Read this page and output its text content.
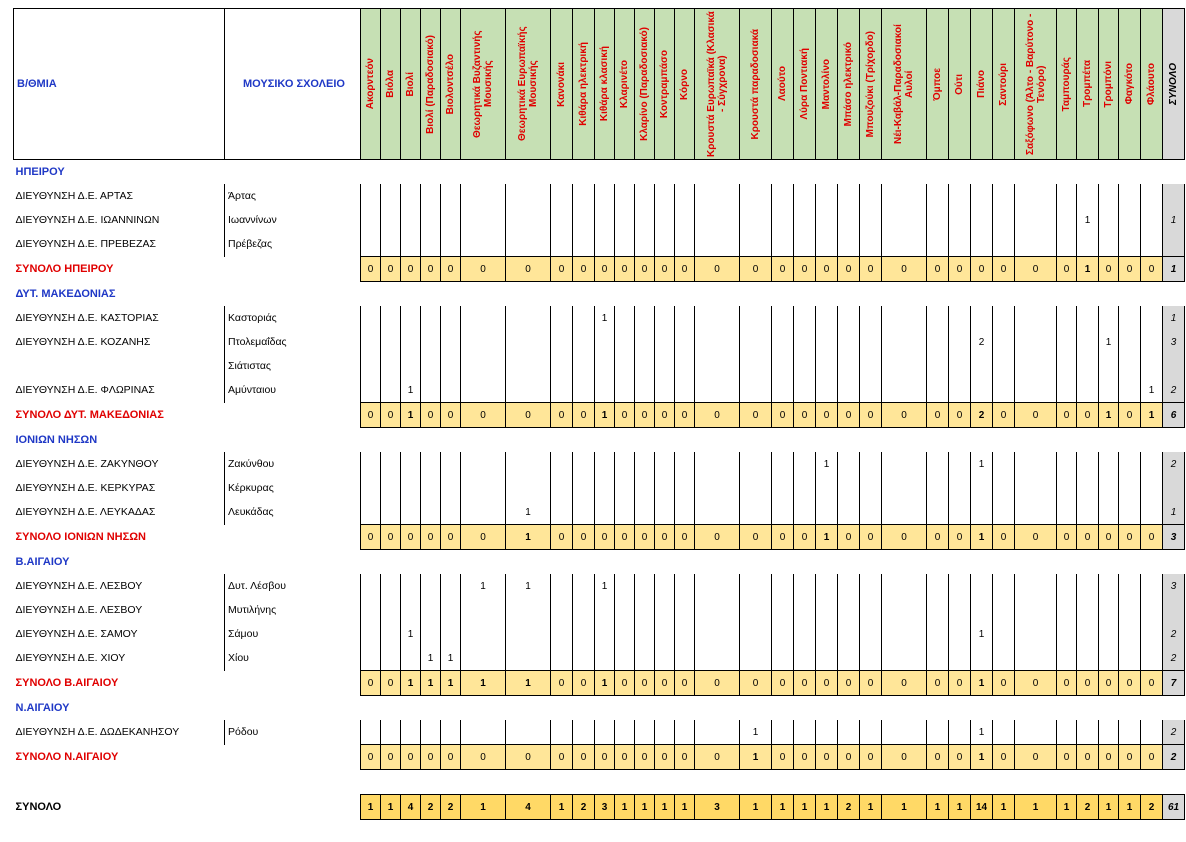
Β/ΘΜΙΑ	ΜΟΥΣΙΚΟ ΣΧΟΛΕΙΟ	Ακορντεόν	Βιόλα	Βιολί	Βιολί (Παραδοσιακό)	Βιολοντσέλο	Θεωρητικά Βυζαντινής Μουσικής	Θεωρητικά Ευρωπαϊκής Μουσικής	Κανονάκι	Κιθάρα ηλεκτρική	Κιθάρα κλασική	Κλαρινέτο	Κλαρίνο (Παραδοσιακό)	Κοντραμπάσο	Κόρνο	Κρουστά Ευρωπαϊκά (Κλασικά - Σύγχρονα)	Κρουστά παραδοσιακά	Λαούτο	Λύρα Ποντιακή	Μαντολίνο	Μπάσο ηλεκτρικό	Μπουζούκι (Τρίχορδο)	Νέι-Καβάλ-Παραδοσιακοί Αυλοί	Όμποε	Ούτι	Πιάνο	Σαντούρι	Σαξόφωνο (Άλτο - Βαρύτονο - Τενόρο)	Ταμπουράς	Τρομπέτα	Τρομπόνι	Φαγκότο	Φλάουτο	ΣΥΝΟΛΟ

ΗΠΕΙΡΟΥ																																		
ΔΙΕΥΘΥΝΣΗ Δ.Ε. ΑΡΤΑΣ	Άρτας																																	
ΔΙΕΥΘΥΝΣΗ Δ.Ε. ΙΩΑΝΝΙΝΩΝ	Ιωαννίνων																													1				1
ΔΙΕΥΘΥΝΣΗ Δ.Ε. ΠΡΕΒΕΖΑΣ	Πρέβεζας																																	
ΣΥΝΟΛΟ ΗΠΕΙΡΟΥ		0	0	0	0	0	0	0	0	0	0	0	0	0	0	0	0	0	0	0	0	0	0	0	0	0	0	0	0	1	0	0	0	1
ΔΥΤ. ΜΑΚΕΔΟΝΙΑΣ																																		
ΔΙΕΥΘΥΝΣΗ Δ.Ε. ΚΑΣΤΟΡΙΑΣ	Καστοριάς										1																							1
ΔΙΕΥΘΥΝΣΗ Δ.Ε. ΚΟΖΑΝΗΣ	Πτολεμαΐδας																									2					1			3
	Σιάτιστας																																	
ΔΙΕΥΘΥΝΣΗ Δ.Ε. ΦΛΩΡΙΝΑΣ	Αμύνταιου			1																													1	2
ΣΥΝΟΛΟ ΔΥΤ. ΜΑΚΕΔΟΝΙΑΣ		0	0	1	0	0	0	0	0	0	1	0	0	0	0	0	0	0	0	0	0	0	0	0	0	2	0	0	0	0	1	0	1	6
ΙΟΝΙΩΝ ΝΗΣΩΝ																																		
ΔΙΕΥΘΥΝΣΗ Δ.Ε. ΖΑΚΥΝΘΟΥ	Ζακύνθου																			1						1								2
ΔΙΕΥΘΥΝΣΗ Δ.Ε. ΚΕΡΚΥΡΑΣ	Κέρκυρας																																	
ΔΙΕΥΘΥΝΣΗ Δ.Ε. ΛΕΥΚΑΔΑΣ	Λευκάδας							1																										1
ΣΥΝΟΛΟ ΙΟΝΙΩΝ ΝΗΣΩΝ		0	0	0	0	0	0	1	0	0	0	0	0	0	0	0	0	0	0	1	0	0	0	0	0	1	0	0	0	0	0	0	0	3
Β.ΑΙΓΑΙΟΥ																																		
ΔΙΕΥΘΥΝΣΗ Δ.Ε. ΛΕΣΒΟΥ	Δυτ. Λέσβου						1	1			1																							3
ΔΙΕΥΘΥΝΣΗ Δ.Ε. ΛΕΣΒΟΥ	Μυτιλήνης																																	
ΔΙΕΥΘΥΝΣΗ Δ.Ε. ΣΑΜΟΥ	Σάμου			1																						1								2
ΔΙΕΥΘΥΝΣΗ Δ.Ε. ΧΙΟΥ	Χίου				1	1																												2
ΣΥΝΟΛΟ Β.ΑΙΓΑΙΟΥ		0	0	1	1	1	1	1	0	0	1	0	0	0	0	0	0	0	0	0	0	0	0	0	0	1	0	0	0	0	0	0	0	7
Ν.ΑΙΓΑΙΟΥ																																		
ΔΙΕΥΘΥΝΣΗ Δ.Ε. ΔΩΔΕΚΑΝΗΣΟΥ	Ρόδου																1									1								2
ΣΥΝΟΛΟ Ν.ΑΙΓΑΙΟΥ		0	0	0	0	0	0	0	0	0	0	0	0	0	0	0	1	0	0	0	0	0	0	0	0	1	0	0	0	0	0	0	0	2

ΣΥΝΟΛΟ		1	1	4	2	2	1	4	1	2	3	1	1	1	1	3	1	1	1	1	2	1	1	1	1	14	1	1	1	2	1	1	2	61
